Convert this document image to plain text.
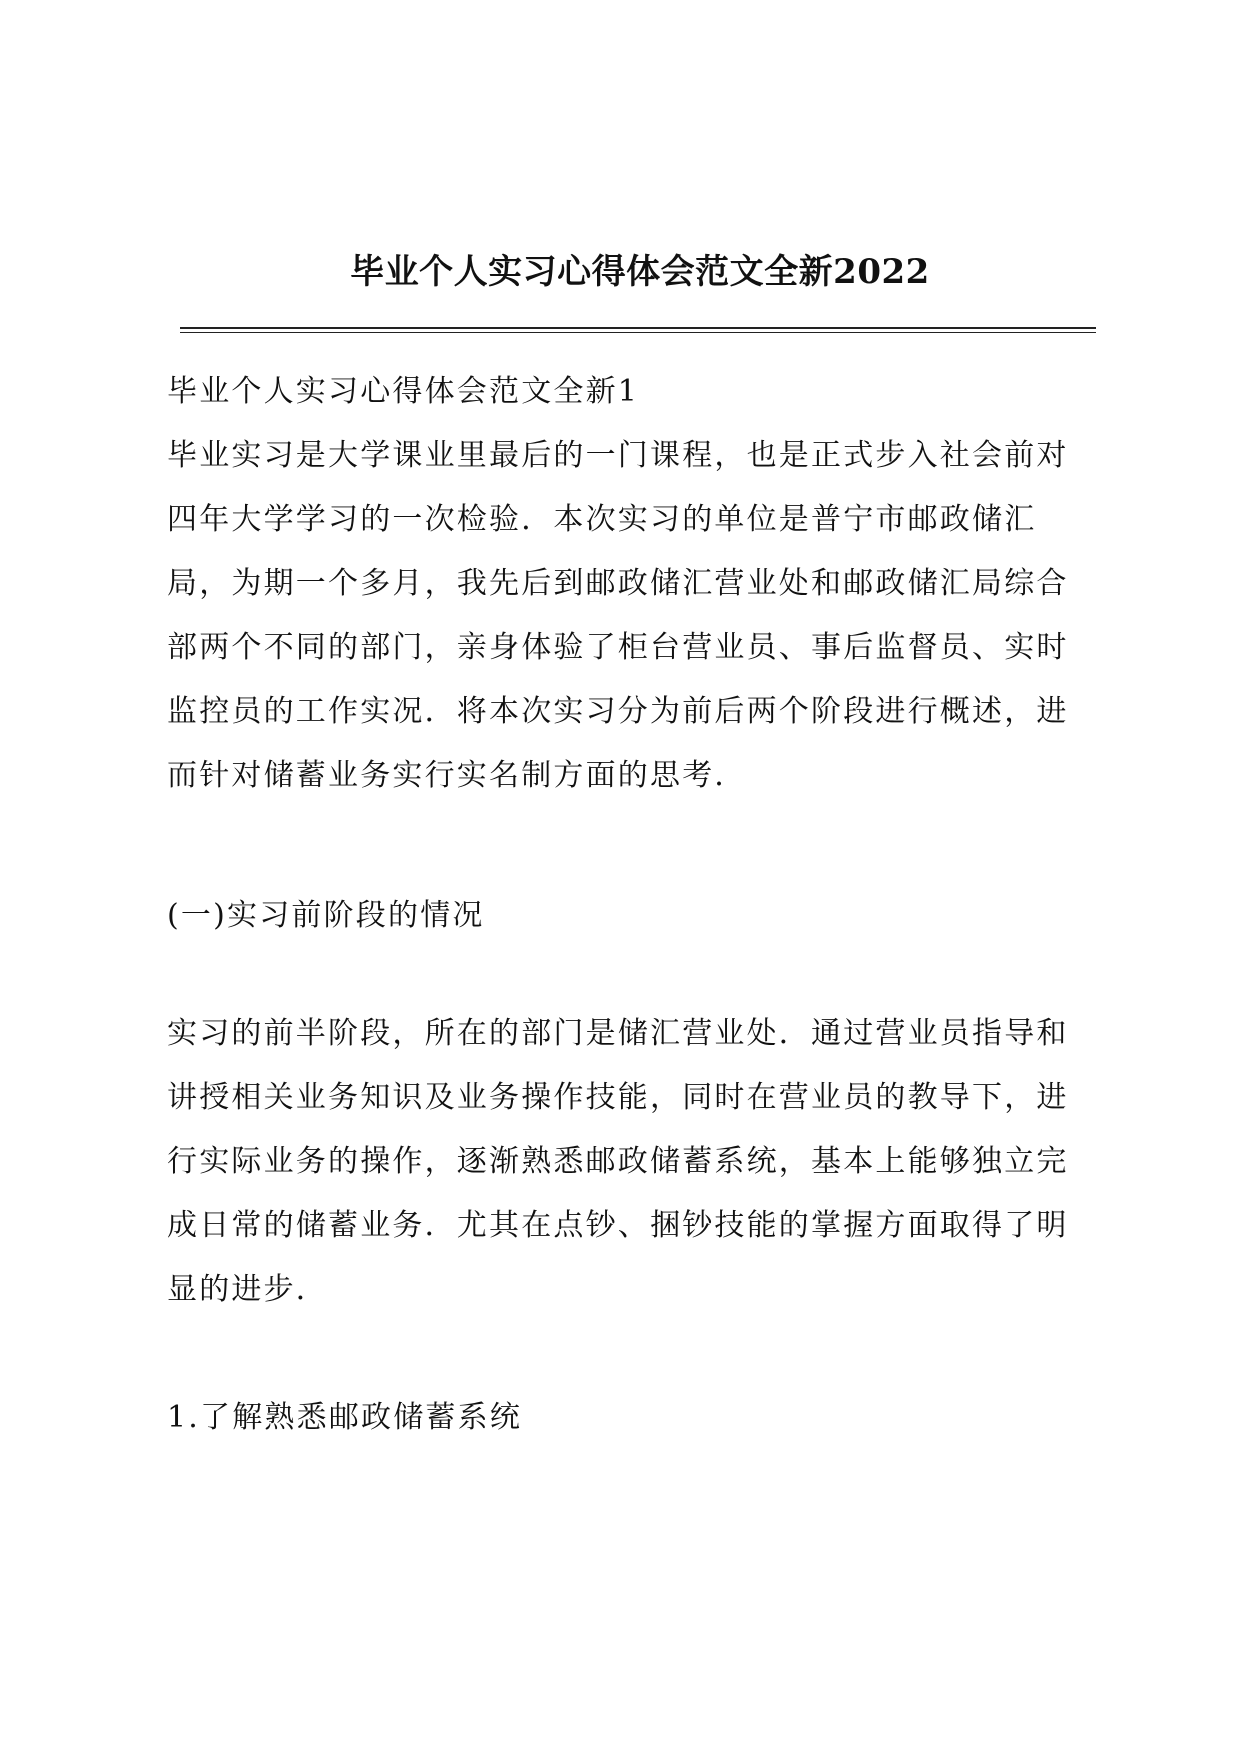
毕业个人实习心得体会范文全新2022
毕业个人实习心得体会范文全新1
毕业实习是大学课业里最后的一门课程，也是正式步入社会前对
四年大学学习的一次检验．本次实习的单位是普宁市邮政储汇
局，为期一个多月，我先后到邮政储汇营业处和邮政储汇局综合
部两个不同的部门，亲身体验了柜台营业员、事后监督员、实时
监控员的工作实况．将本次实习分为前后两个阶段进行概述，进
而针对储蓄业务实行实名制方面的思考．
(一)实习前阶段的情况
实习的前半阶段，所在的部门是储汇营业处．通过营业员指导和
讲授相关业务知识及业务操作技能，同时在营业员的教导下，进
行实际业务的操作，逐渐熟悉邮政储蓄系统，基本上能够独立完
成日常的储蓄业务．尤其在点钞、捆钞技能的掌握方面取得了明
显的进步．
1.了解熟悉邮政储蓄系统
